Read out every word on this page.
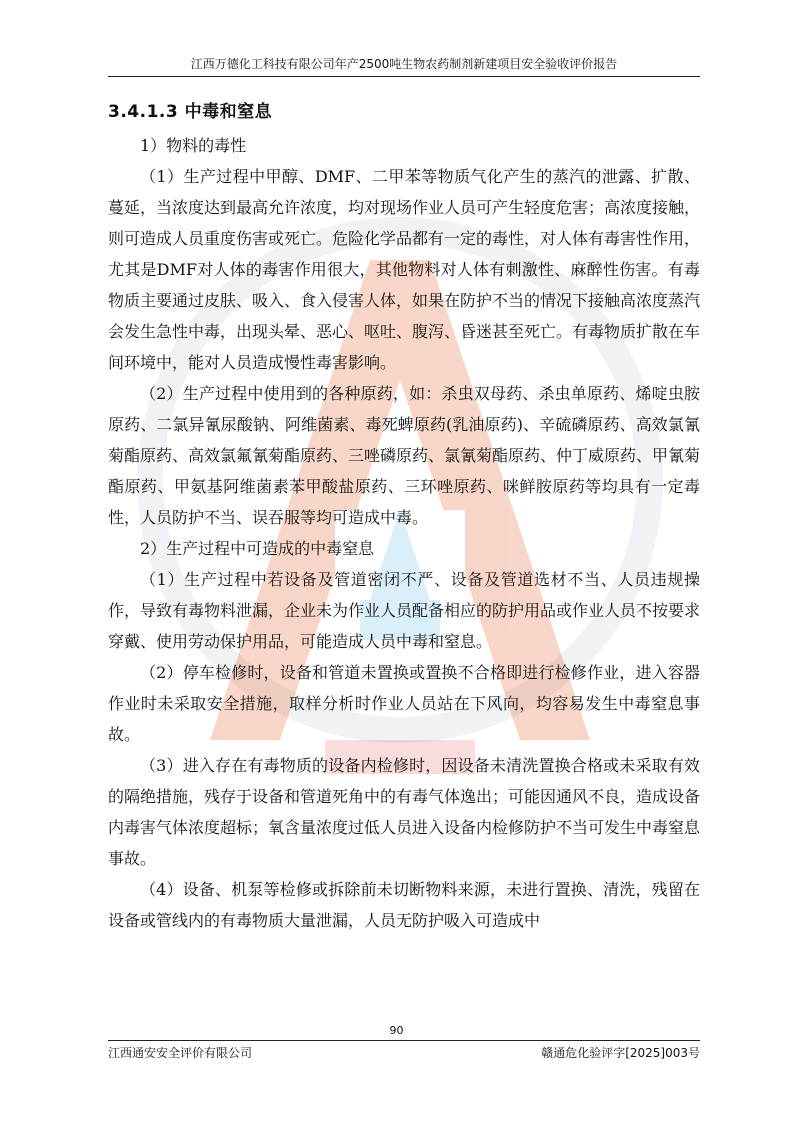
江西万德化工科技有限公司年产2500吨生物农药制剂新建项目安全验收评价报告
3.4.1.3 中毒和窒息

1）物料的毒性

（1）生产过程中甲醇、DMF、二甲苯等物质气化产生的蒸汽的泄露、扩散、蔓延，当浓度达到最高允许浓度，均对现场作业人员可产生轻度危害；高浓度接触，则可造成人员重度伤害或死亡。危险化学品都有一定的毒性，对人体有毒害性作用，尤其是DMF对人体的毒害作用很大，其他物料对人体有刺激性、麻醉性伤害。有毒物质主要通过皮肤、吸入、食入侵害人体，如果在防护不当的情况下接触高浓度蒸汽会发生急性中毒，出现头晕、恶心、呕吐、腹泻、昏迷甚至死亡。有毒物质扩散在车间环境中，能对人员造成慢性毒害影响。

（2）生产过程中使用到的各种原药，如：杀虫双母药、杀虫单原药、烯啶虫胺原药、二氯异氰尿酸钠、阿维菌素、毒死蜱原药(乳油原药)、辛硫磷原药、高效氯氰菊酯原药、高效氯氟氰菊酯原药、三唑磷原药、氯氰菊酯原药、仲丁威原药、甲氰菊酯原药、甲氨基阿维菌素苯甲酸盐原药、三环唑原药、咪鲜胺原药等均具有一定毒性，人员防护不当、误吞服等均可造成中毒。

2）生产过程中可造成的中毒窒息

（1）生产过程中若设备及管道密闭不严、设备及管道选材不当、人员违规操作，导致有毒物料泄漏，企业未为作业人员配备相应的防护用品或作业人员不按要求穿戴、使用劳动保护用品，可能造成人员中毒和窒息。

（2）停车检修时，设备和管道未置换或置换不合格即进行检修作业，进入容器作业时未采取安全措施，取样分析时作业人员站在下风向，均容易发生中毒窒息事故。

（3）进入存在有毒物质的设备内检修时，因设备未清洗置换合格或未采取有效的隔绝措施，残存于设备和管道死角中的有毒气体逸出；可能因通风不良，造成设备内毒害气体浓度超标；氧含量浓度过低人员进入设备内检修防护不当可发生中毒窒息事故。

（4）设备、机泵等检修或拆除前未切断物料来源，未进行置换、清洗，残留在设备或管线内的有毒物质大量泄漏，人员无防护吸入可造成中

90
江西通安安全评价有限公司	赣通危化验评字[2025]003号
